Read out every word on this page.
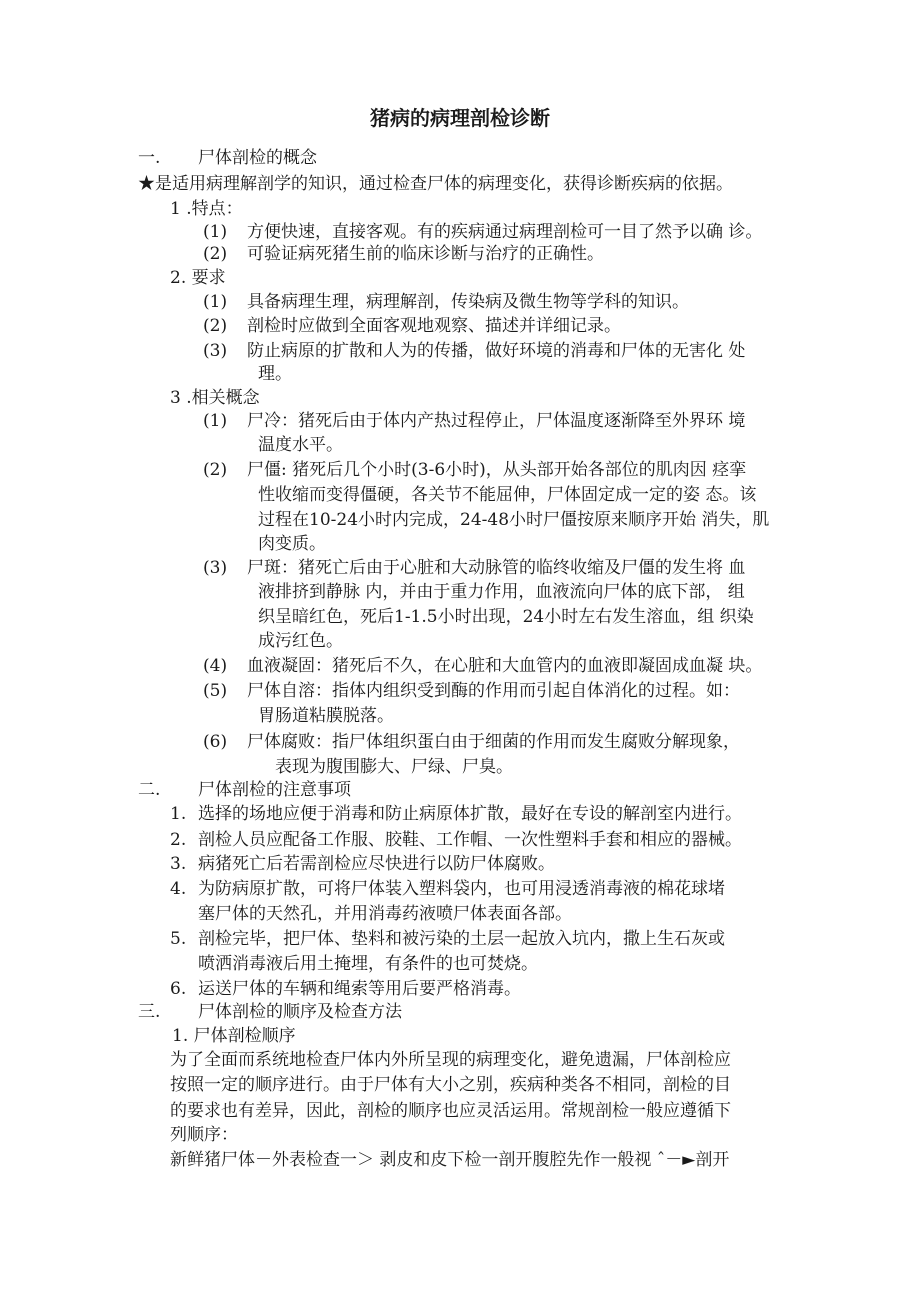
猪病的病理剖检诊断
一. 尸体剖检的概念
★是适用病理解剖学的知识，通过检查尸体的病理变化，获得诊断疾病的依据。
1 .特点：
(1) 方便快速，直接客观。有的疾病通过病理剖检可一目了然予以确 诊。
(2) 可验证病死猪生前的临床诊断与治疗的正确性。
2. 要求
(1) 具备病理生理，病理解剖，传染病及微生物等学科的知识。
(2) 剖检时应做到全面客观地观察、描述并详细记录。
(3) 防止病原的扩散和人为的传播，做好环境的消毒和尸体的无害化 处
理。
3 .相关概念
(1) 尸冷：猪死后由于体内产热过程停止，尸体温度逐渐降至外界环 境
温度水平。
(2) 尸僵: 猪死后几个小时(3-6小时)，从头部开始各部位的肌肉因 痉挛
性收缩而变得僵硬，各关节不能屈伸，尸体固定成一定的姿 态。该
过程在10-24小时内完成，24-48小时尸僵按原来顺序开始 消失，肌
肉变质。
(3) 尸斑：猪死亡后由于心脏和大动脉管的临终收缩及尸僵的发生将 血
液排挤到静脉 内，并由于重力作用，血液流向尸体的底下部， 组
织呈暗红色，死后1-1.5小时出现，24小时左右发生溶血，组 织染
成污红色。
(4) 血液凝固：猪死后不久，在心脏和大血管内的血液即凝固成血凝 块。
(5) 尸体自溶：指体内组织受到酶的作用而引起自体消化的过程。如：
胃肠道粘膜脱落。
(6) 尸体腐败：指尸体组织蛋白由于细菌的作用而发生腐败分解现象，
表现为腹围膨大、尸绿、尸臭。
二. 尸体剖检的注意事项
1. 选择的场地应便于消毒和防止病原体扩散，最好在专设的解剖室内进行。
2. 剖检人员应配备工作服、胶鞋、工作帽、一次性塑料手套和相应的器械。
3. 病猪死亡后若需剖检应尽快进行以防尸体腐败。
4. 为防病原扩散，可将尸体装入塑料袋内，也可用浸透消毒液的棉花球堵
塞尸体的天然孔，并用消毒药液喷尸体表面各部。
5. 剖检完毕，把尸体、垫料和被污染的土层一起放入坑内，撒上生石灰或
喷洒消毒液后用土掩埋，有条件的也可焚烧。
6. 运送尸体的车辆和绳索等用后要严格消毒。
三. 尸体剖检的顺序及检查方法
1. 尸体剖检顺序
为了全面而系统地检查尸体内外所呈现的病理变化，避免遗漏，尸体剖检应
按照一定的顺序进行。由于尸体有大小之别，疾病种类各不相同，剖检的目
的要求也有差异，因此，剖检的顺序也应灵活运用。常规剖检一般应遵循下
列顺序：
新鲜猪尸体－外表检查一＞ 剥皮和皮下检一剖开腹腔先作一般视 ˆ－►剖开
